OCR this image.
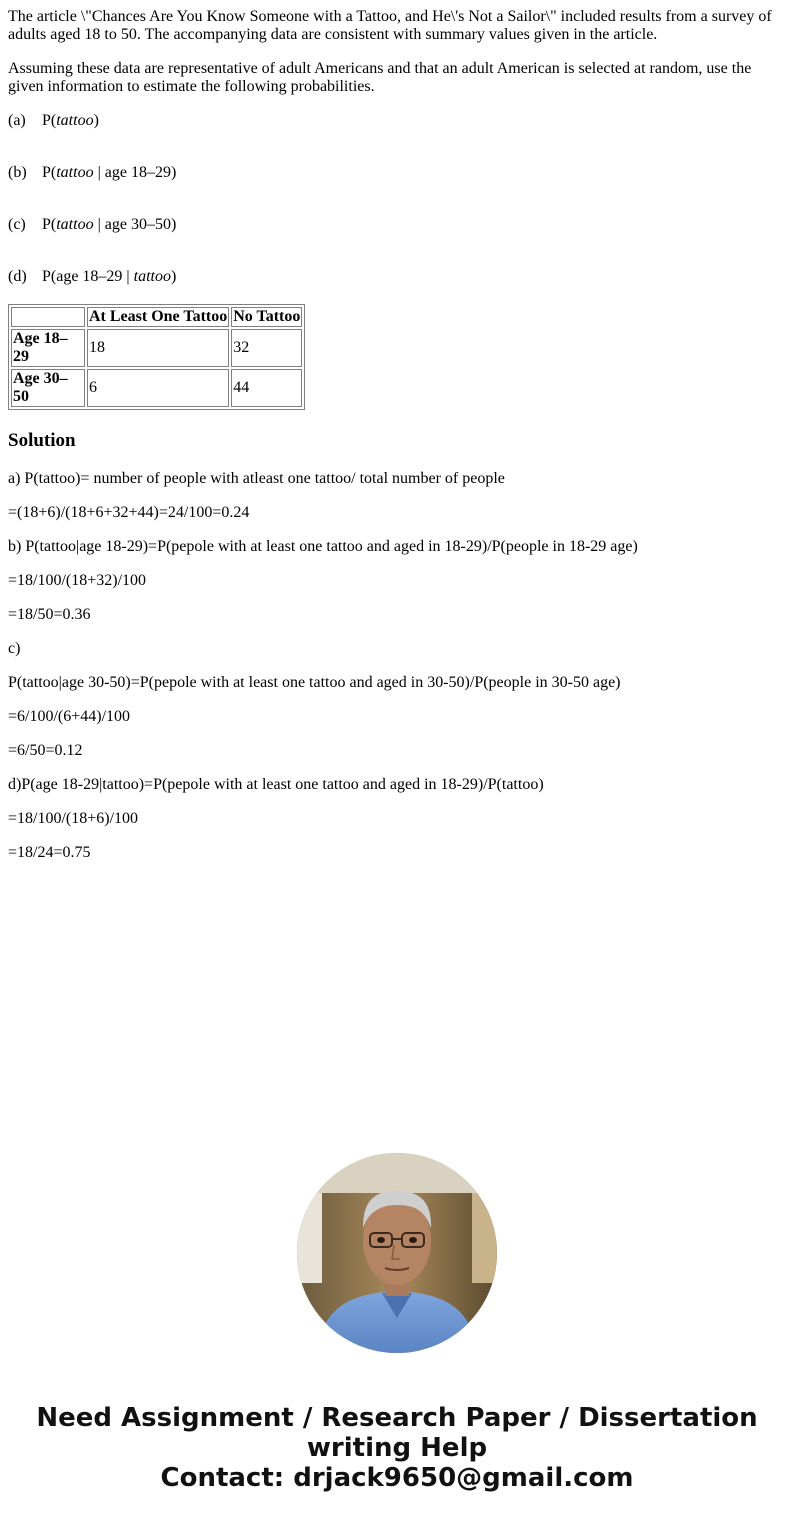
The article \"Chances Are You Know Someone with a Tattoo, and He\'s Not a Sailor\" included results from a survey of adults aged 18 to 50. The accompanying data are consistent with summary values given in the article.

Assuming these data are representative of adult Americans and that an adult American is selected at random, use the given information to estimate the following probabilities.

(a) P(tattoo)
(b) P(tattoo | age 18–29)
(c) P(tattoo | age 30–50)
(d) P(age 18–29 | tattoo)
	At Least One Tattoo	No Tattoo
Age 18–29	18	32
Age 30–50	6	44
Solution

a) P(tattoo)= number of people with atleast one tattoo/ total number of people

=(18+6)/(18+6+32+44)=24/100=0.24

b) P(tattoo|age 18-29)=P(pepole with at least one tattoo and aged in 18-29)/P(people in 18-29 age)

=18/100/(18+32)/100

=18/50=0.36

c)

P(tattoo|age 30-50)=P(pepole with at least one tattoo and aged in 30-50)/P(people in 30-50 age)

=6/100/(6+44)/100

=6/50=0.12

d)P(age 18-29|tattoo)=P(pepole with at least one tattoo and aged in 18-29)/P(tattoo)

=18/100/(18+6)/100

=18/24=0.75

Need Assignment / Research Paper / Dissertation
writing Help
Contact: drjack9650@gmail.com
